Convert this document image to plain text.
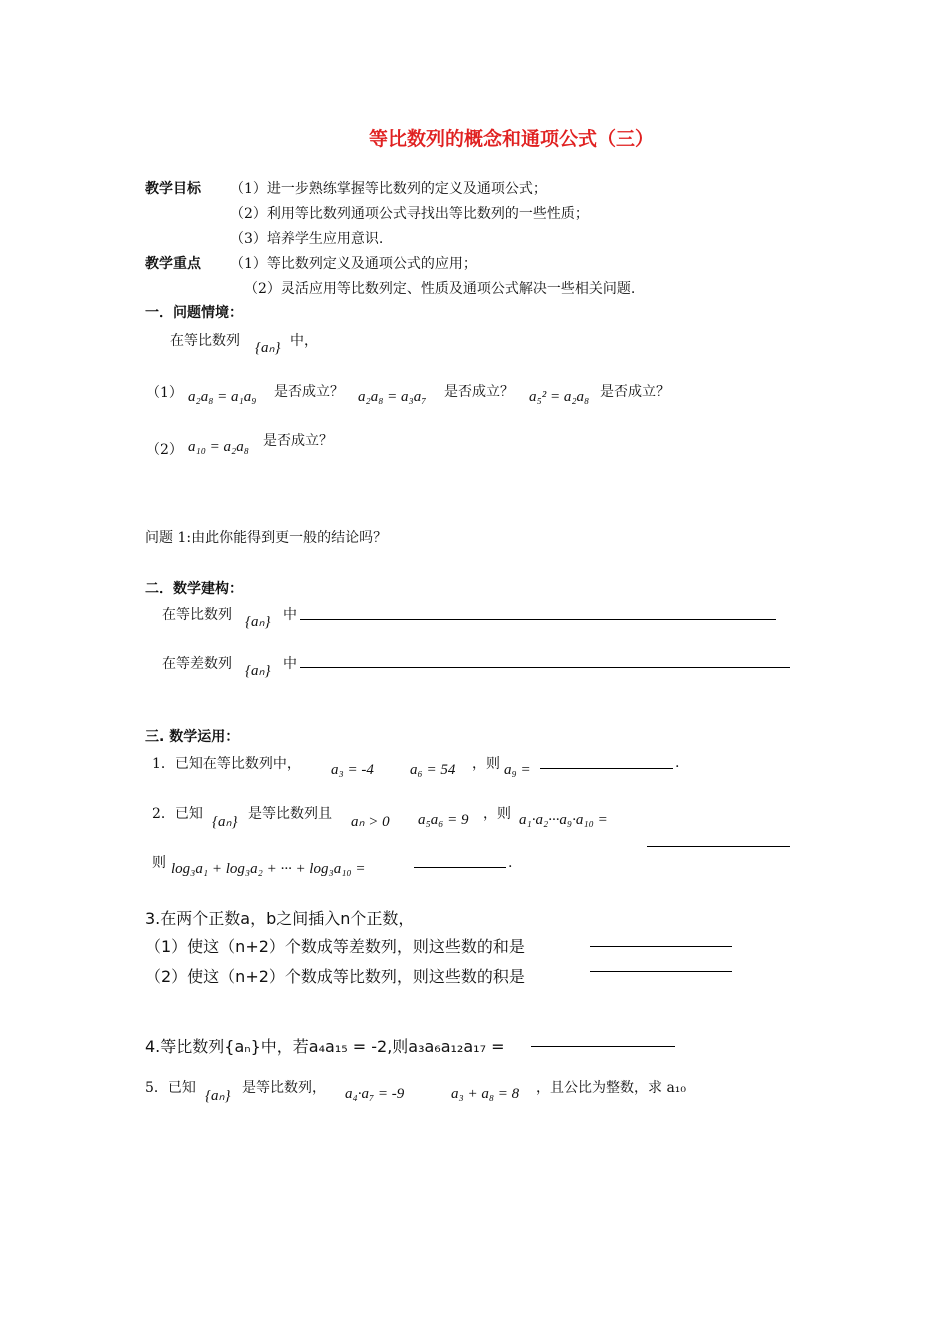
等比数列的概念和通项公式（三）
教学目标 （1）进一步熟练掌握等比数列的定义及通项公式；
（2）利用等比数列通项公式寻找出等比数列的一些性质；
（3）培养学生应用意识.
教学重点 （1）等比数列定义及通项公式的应用；
（2）灵活应用等比数列定、性质及通项公式解决一些相关问题.
一．问题情境：
在等比数列 {aₙ} 中，
（1） a₂a₈ = a₁a₉ 是否成立？ a₂a₈ = a₃a₇ 是否成立？ a₅² = a₂a₈ 是否成立？
（2） a₁₀ = a₂a₈ 是否成立？
问题 1:由此你能得到更一般的结论吗？
二．数学建构：
在等比数列 {aₙ} 中
在等差数列 {aₙ} 中
三. 数学运用：
1．已知在等比数列中， a₃ = -4 a₆ = 54 ，则 a₉ =	.
2．已知 {aₙ} 是等比数列且 aₙ > 0 a₅a₆ = 9 ，则 a₁·a₂···a₉·a₁₀ =
则 log₃a₁ + log₃a₂ + ··· + log₃a₁₀ =	.
3.在两个正数a，b之间插入n个正数，
（1）使这（n+2）个数成等差数列，则这些数的和是
（2）使这（n+2）个数成等比数列，则这些数的积是
4.等比数列{aₙ}中，若a₄a₁₅ = -2,则a₃a₆a₁₂a₁₇ =
5．已知 {aₙ} 是等比数列， a₄·a₇ = -9	a₃ + a₈ = 8 ，且公比为整数，求 a₁₀
